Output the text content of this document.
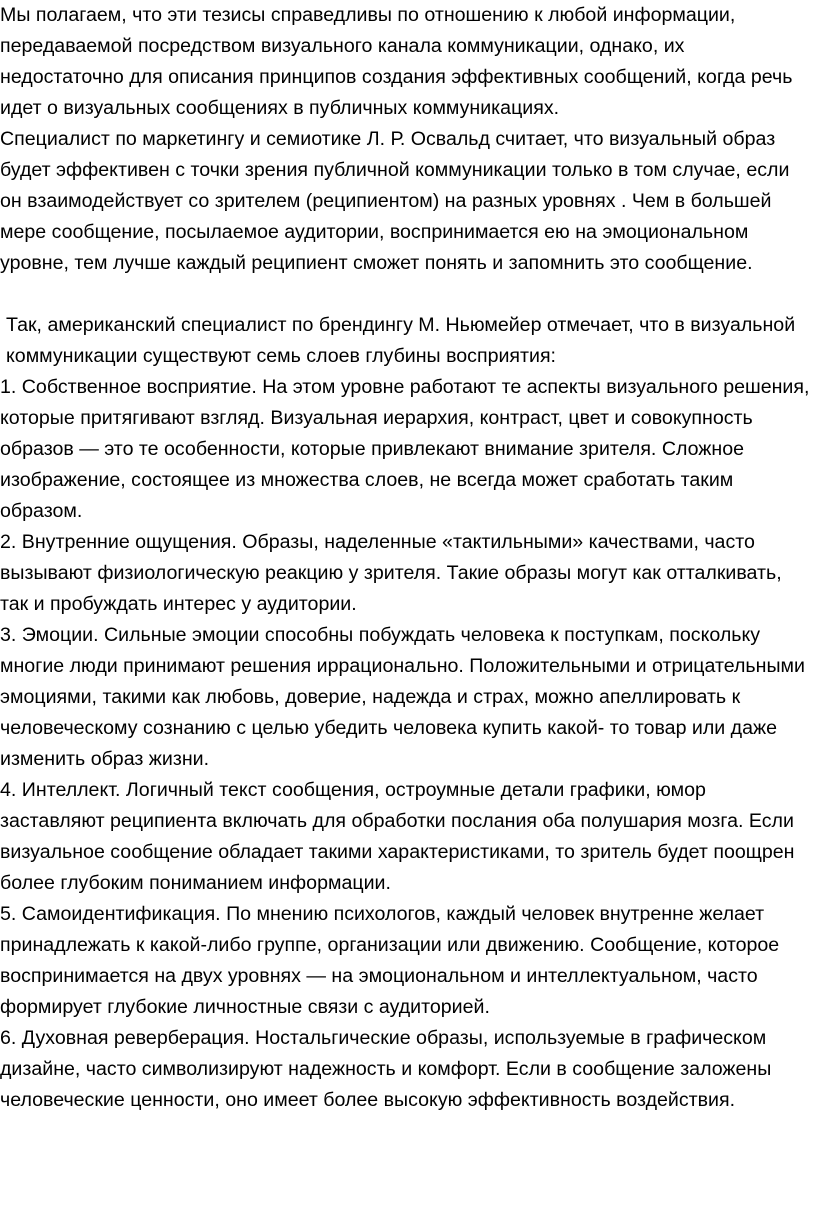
Мы полагаем, что эти тезисы справедливы по отношению к любой информации, передаваемой посредством визуального канала коммуникации, однако, их недостаточно для описания принципов создания эффективных сообщений, когда речь идет о визуальных сообщениях в публичных коммуникациях.

Специалист по маркетингу и семиотике Л. Р. Освальд считает, что визуальный образ будет эффективен с точки зрения публичной коммуникации только в том случае, если он взаимодействует со зрителем (реципиентом) на разных уровнях . Чем в большей мере сообщение, посылаемое аудитории, воспринимается ею на эмоциональном уровне, тем лучше каждый реципиент сможет понять и запомнить это сообщение.

Так, американский специалист по брендингу М. Ньюмейер отмечает, что в визуальной коммуникации существуют семь слоев глубины восприятия:

1. Собственное восприятие. На этом уровне работают те аспекты визуального решения, которые притягивают взгляд. Визуальная иерархия, контраст, цвет и совокупность образов — это те особенности, которые привлекают внимание зрителя. Сложное изображение, состоящее из множества слоев, не всегда может сработать таким образом.

2. Внутренние ощущения. Образы, наделенные «тактильными» качествами, часто вызывают физиологическую реакцию у зрителя. Такие образы могут как отталкивать, так и пробуждать интерес у аудитории.

3. Эмоции. Сильные эмоции способны побуждать человека к поступкам, поскольку многие люди принимают решения иррационально. Положительными и отрицательными эмоциями, такими как любовь, доверие, надежда и страх, можно апеллировать к человеческому сознанию с целью убедить человека купить какой- то товар или даже изменить образ жизни.

4. Интеллект. Логичный текст сообщения, остроумные детали графики, юмор заставляют реципиента включать для обработки послания оба полушария мозга. Если визуальное сообщение обладает такими характеристиками, то зритель будет поощрен более глубоким пониманием информации.

5. Самоидентификация. По мнению психологов, каждый человек внутренне желает принадлежать к какой-либо группе, организации или движению. Сообщение, которое воспринимается на двух уровнях — на эмоциональном и интеллектуальном, часто формирует глубокие личностные связи с аудиторией.

6. Духовная реверберация. Ностальгические образы, используемые в графическом дизайне, часто символизируют надежность и комфорт. Если в сообщение заложены человеческие ценности, оно имеет более высокую эффективность воздействия.
